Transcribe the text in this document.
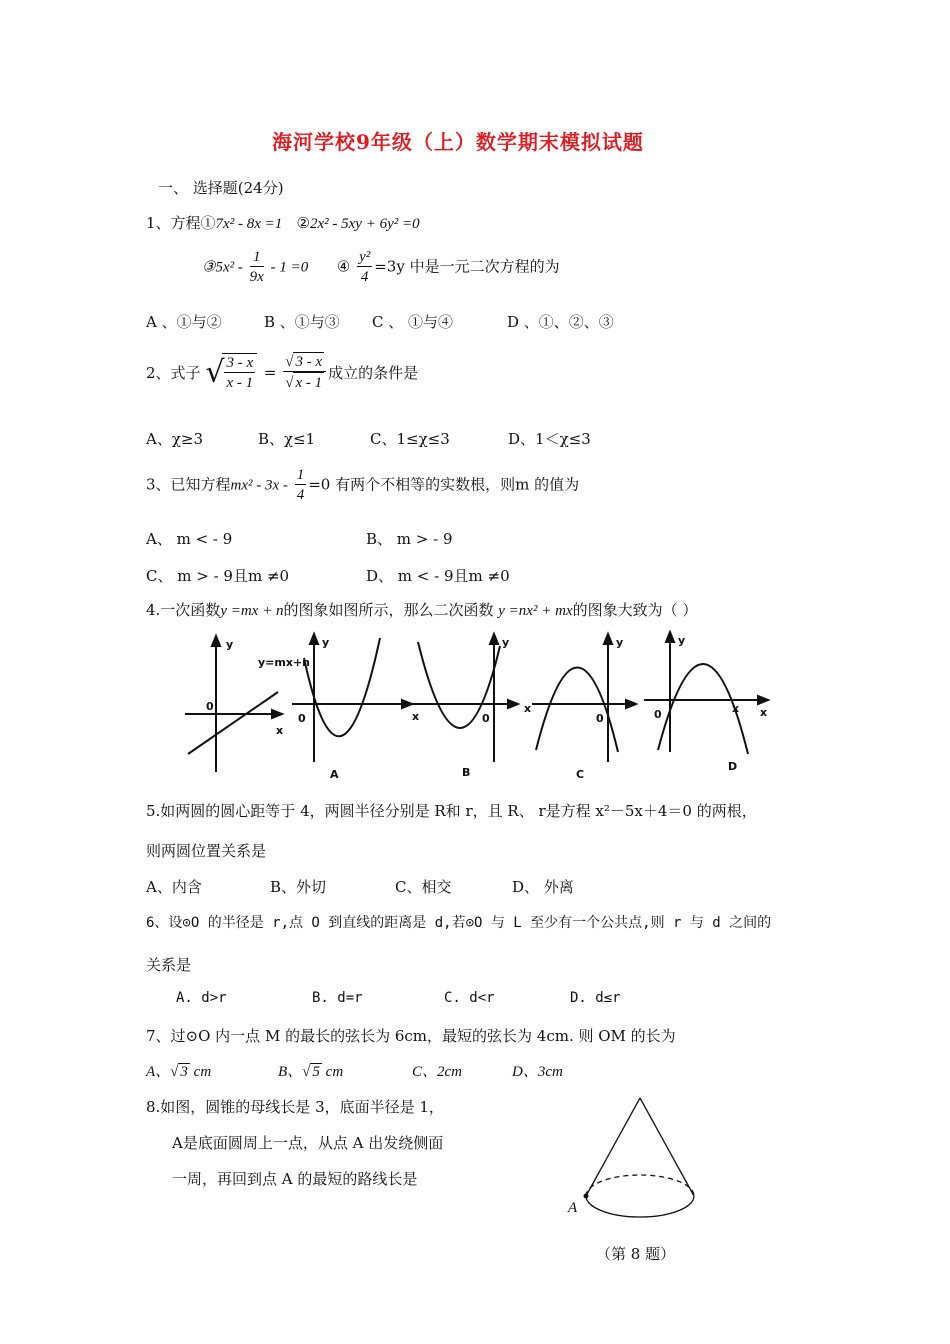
海河学校9年级（上）数学期末模拟试题
一、 选择题(24分)
1、方程①7x² - 8x =1 ②2x² - 5xy + 6y² =0
③5x² - $\frac{1}{9x} - 1 =0$ ④ $\frac{\text{y²}}{4} =3y$ 中是一元二次方程的为
A 、①与②	B 、①与③ C 、 ①与④	D 、①、②、③
2、式子 √
$\frac{3 - x}{x - 1} = \frac{√ 3 - x}{√ x - 1}$ 成立的条件是
A、χ≥3	B、χ≤1	C、1≤χ≤3	D、1＜χ≤3
3、已知方程$mx^2 - 3x - \frac{1}{4} =0$ 有两个不相等的实数根，则m 的值为
A、 m < - 9	B、 m > - 9
C、 m > - 9且m ≠0	D、 m < - 9且m ≠0
4.一次函数y =mx + n的图象如图所示，那么二次函数 y =nx² + mx的图象大致为（ ）
y
y=mx+n
0
x
y
0
A
y
x	0
B
y
x
0
C
y
0	x x
D
5.如两圆的圆心距等于 4，两圆半径分别是 R和 r，且 R、 r是方程 x²－5x＋4＝0 的两根，
则两圆位置关系是
A、内含	B、外切	C、相交	D、 外离
6、设⊙O 的半径是 r,点 O 到直线的距离是 d,若⊙O 与 L 至少有一个公共点,则 r 与 d 之间的
关系是
A. d>r	B. d=r	C. d<r	D. d≤r
7、过⊙O 内一点 M 的最长的弦长为 6cm，最短的弦长为 4cm. 则 OM 的长为
A、√ 3 cm	B、√ 5 cm	C、2cm	D、3cm
8.如图，圆锥的母线长是 3，底面半径是 1，
A是底面圆周上一点，从点 A 出发绕侧面
一周，再回到点 A 的最短的路线长是
A
（第 8 题）
